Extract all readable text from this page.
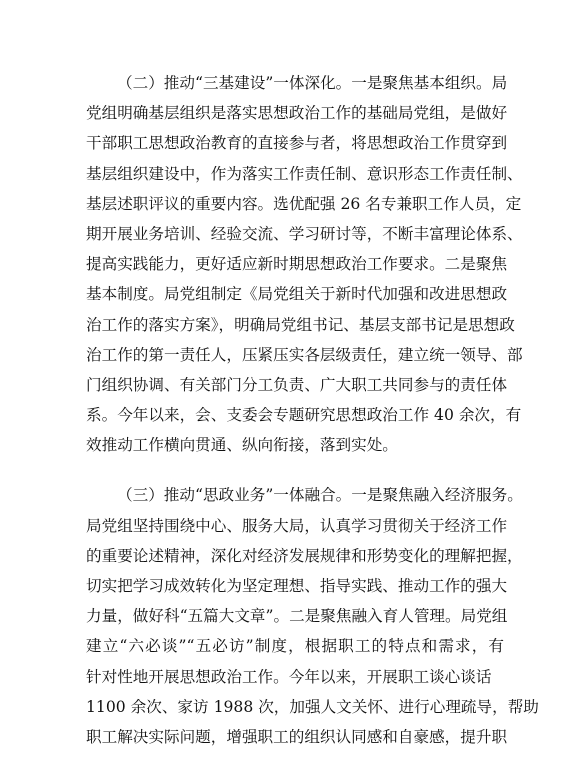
（二）推动“三基建设”一体深化。一是聚焦基本组织。局
党组明确基层组织是落实思想政治工作的基础局党组，是做好
干部职工思想政治教育的直接参与者，将思想政治工作贯穿到
基层组织建设中，作为落实工作责任制、意识形态工作责任制、
基层述职评议的重要内容。选优配强 26 名专兼职工作人员，定
期开展业务培训、经验交流、学习研讨等，不断丰富理论体系、
提高实践能力，更好适应新时期思想政治工作要求。二是聚焦
基本制度。局党组制定《局党组关于新时代加强和改进思想政
治工作的落实方案》，明确局党组书记、基层支部书记是思想政
治工作的第一责任人，压紧压实各层级责任，建立统一领导、部
门组织协调、有关部门分工负责、广大职工共同参与的责任体
系。今年以来，会、支委会专题研究思想政治工作 40 余次，有
效推动工作横向贯通、纵向衔接，落到实处。
（三）推动“思政业务”一体融合。一是聚焦融入经济服务。
局党组坚持围绕中心、服务大局，认真学习贯彻关于经济工作
的重要论述精神，深化对经济发展规律和形势变化的理解把握，
切实把学习成效转化为坚定理想、指导实践、推动工作的强大
力量，做好科“五篇大文章”。二是聚焦融入育人管理。局党组
建立“六必谈”“五必访”制度，根据职工的特点和需求，有
针对性地开展思想政治工作。今年以来，开展职工谈心谈话
1100 余次、家访 1988 次，加强人文关怀、进行心理疏导，帮助
职工解决实际问题，增强职工的组织认同感和自豪感，提升职
